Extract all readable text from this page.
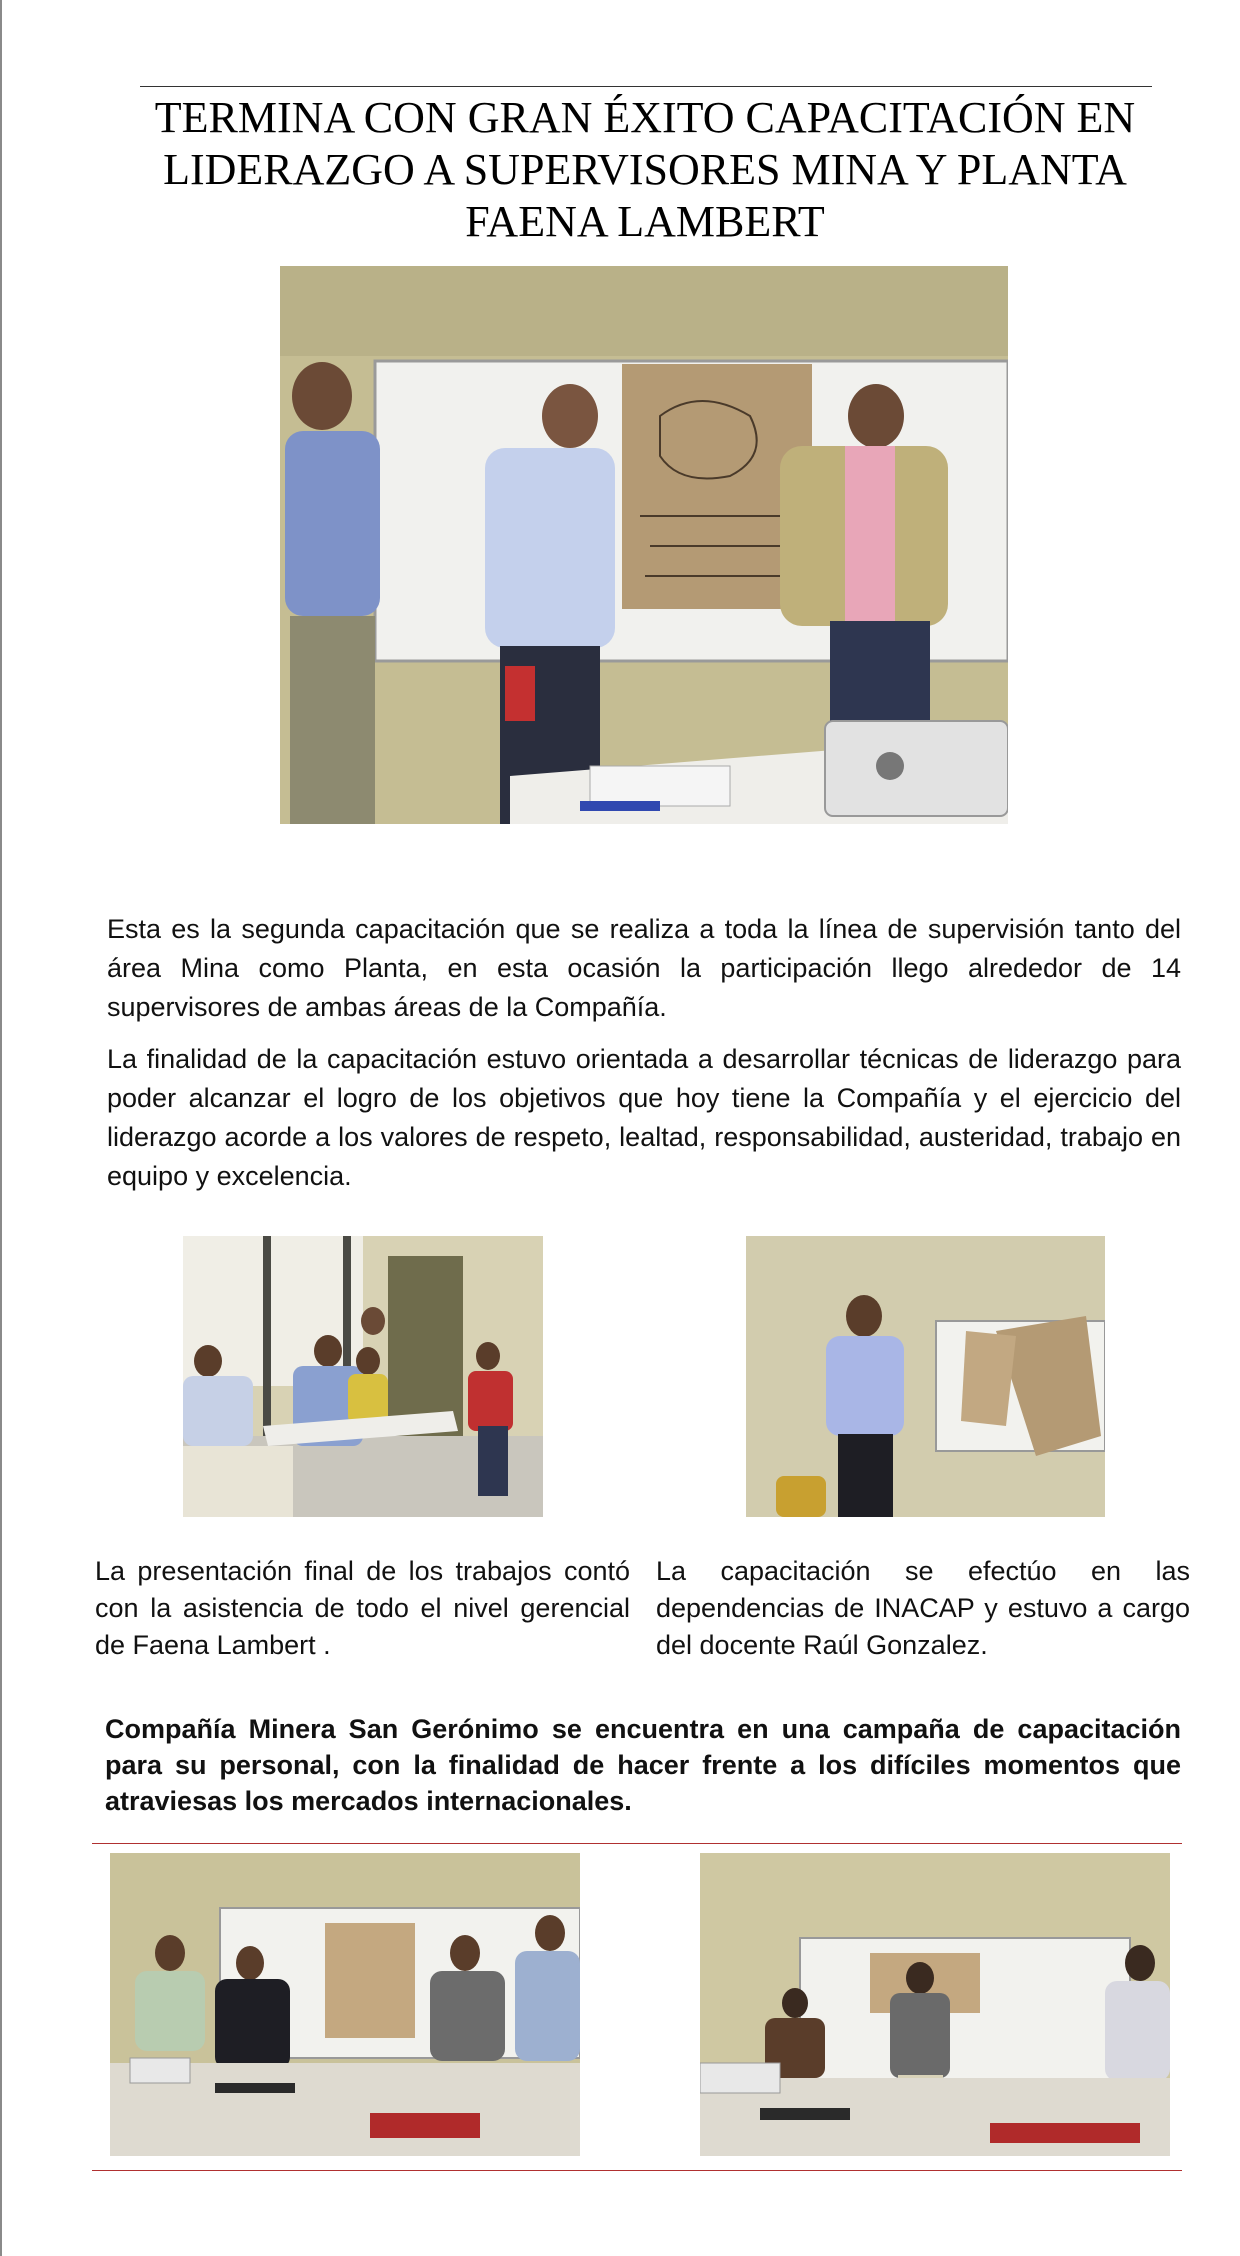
TERMINA CON GRAN ÉXITO CAPACITACIÓN EN LIDERAZGO A SUPERVISORES MINA Y PLANTA FAENA LAMBERT

Esta es la segunda capacitación que se realiza a toda la línea de supervisión tanto del área Mina como Planta, en esta ocasión la participación llego alrededor de 14 supervisores de ambas áreas de la Compañía.

La finalidad de la capacitación estuvo orientada a desarrollar técnicas de liderazgo para poder alcanzar el logro de los objetivos que hoy tiene la Compañía y el ejercicio del liderazgo acorde a los valores de respeto, lealtad, responsabilidad, austeridad, trabajo en equipo y excelencia.

La presentación final de los trabajos contó con la asistencia de todo el nivel gerencial de Faena Lambert .

La capacitación se efectúo en las dependencias de INACAP y estuvo a cargo del docente Raúl Gonzalez.

Compañía Minera San Gerónimo se encuentra en una campaña de capacitación para su personal, con la finalidad de hacer frente a los difíciles momentos que atraviesas los mercados internacionales.
